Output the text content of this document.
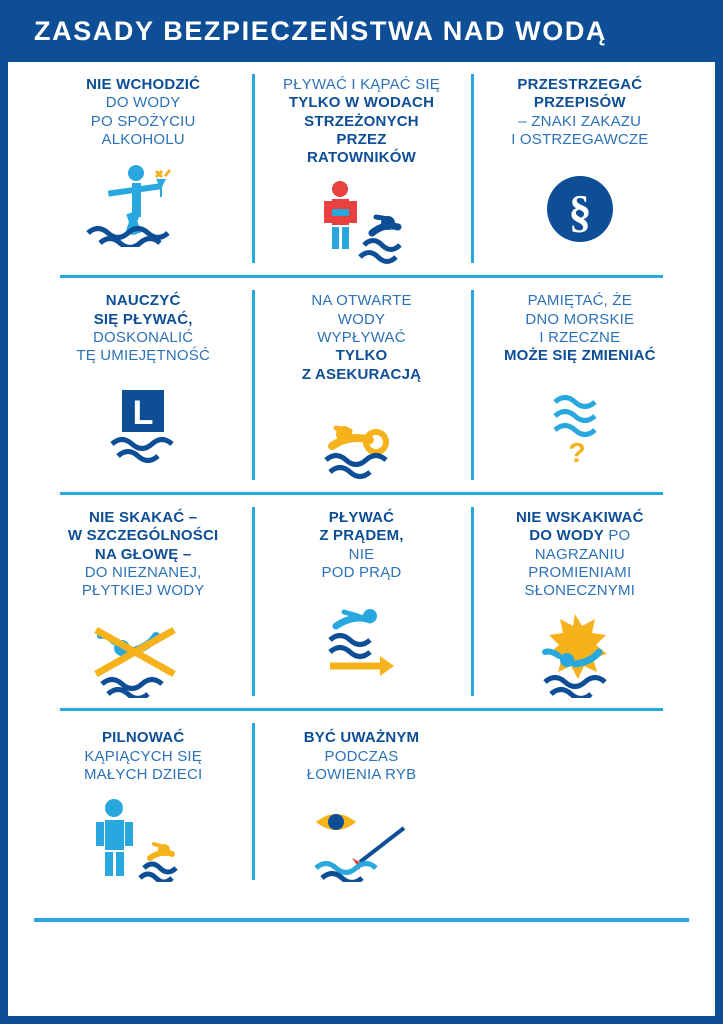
ZASADY BEZPIECZEŃSTWA NAD WODĄ
NIE WCHODZIĆ
DO WODY
PO SPOŻYCIU
ALKOHOLU
PŁYWAĆ I KĄPAĆ SIĘ
TYLKO W WODACH
STRZEŻONYCH
PRZEZ
RATOWNIKÓW
PRZESTRZEGAĆ
PRZEPISÓW
– ZNAKI ZAKAZU
I OSTRZEGAWCZE
§
NAUCZYĆ
SIĘ PŁYWAĆ,
DOSKONALIĆ
TĘ UMIEJĘTNOŚĆ
L
NA OTWARTE
WODY
WYPŁYWAĆ
TYLKO
Z ASEKURACJĄ
PAMIĘTAĆ, ŻE
DNO MORSKIE
I RZECZNE
MOŻE SIĘ ZMIENIAĆ
?
NIE SKAKAĆ –
W SZCZEGÓLNOŚCI
NA GŁOWĘ –
DO NIEZNANEJ,
PŁYTKIEJ WODY
PŁYWAĆ
Z PRĄDEM,
NIE
POD PRĄD
NIE WSKAKIWAĆ
DO WODY PO
NAGRZANIU
PROMIENIAMI
SŁONECZNYMI
PILNOWAĆ
KĄPIĄCYCH SIĘ
MAŁYCH DZIECI
BYĆ UWAŻNYM
PODCZAS
ŁOWIENIA RYB
